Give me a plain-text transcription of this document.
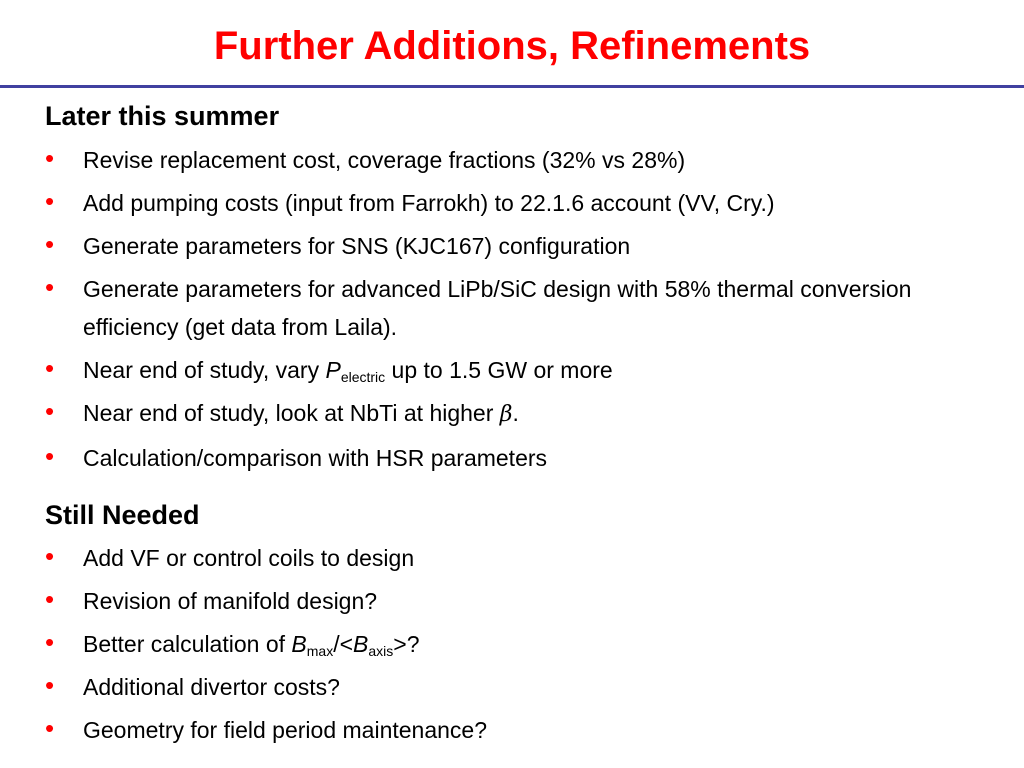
Further Additions, Refinements
Later this summer
• Revise replacement cost, coverage fractions (32% vs 28%)
• Add pumping costs (input from Farrokh) to 22.1.6 account (VV, Cry.)
• Generate parameters for SNS (KJC167) configuration
• Generate parameters for advanced LiPb/SiC design with 58% thermal conversion efficiency (get data from Laila).
• Near end of study, vary $P_{electric}$ up to 1.5 GW or more
• Near end of study, look at NbTi at higher β.
• Calculation/comparison with HSR parameters
Still Needed
• Add VF or control coils to design
• Revision of manifold design?
• Better calculation of $B_{max}/<B_{axis}>$?
• Additional divertor costs?
• Geometry for field period maintenance?
